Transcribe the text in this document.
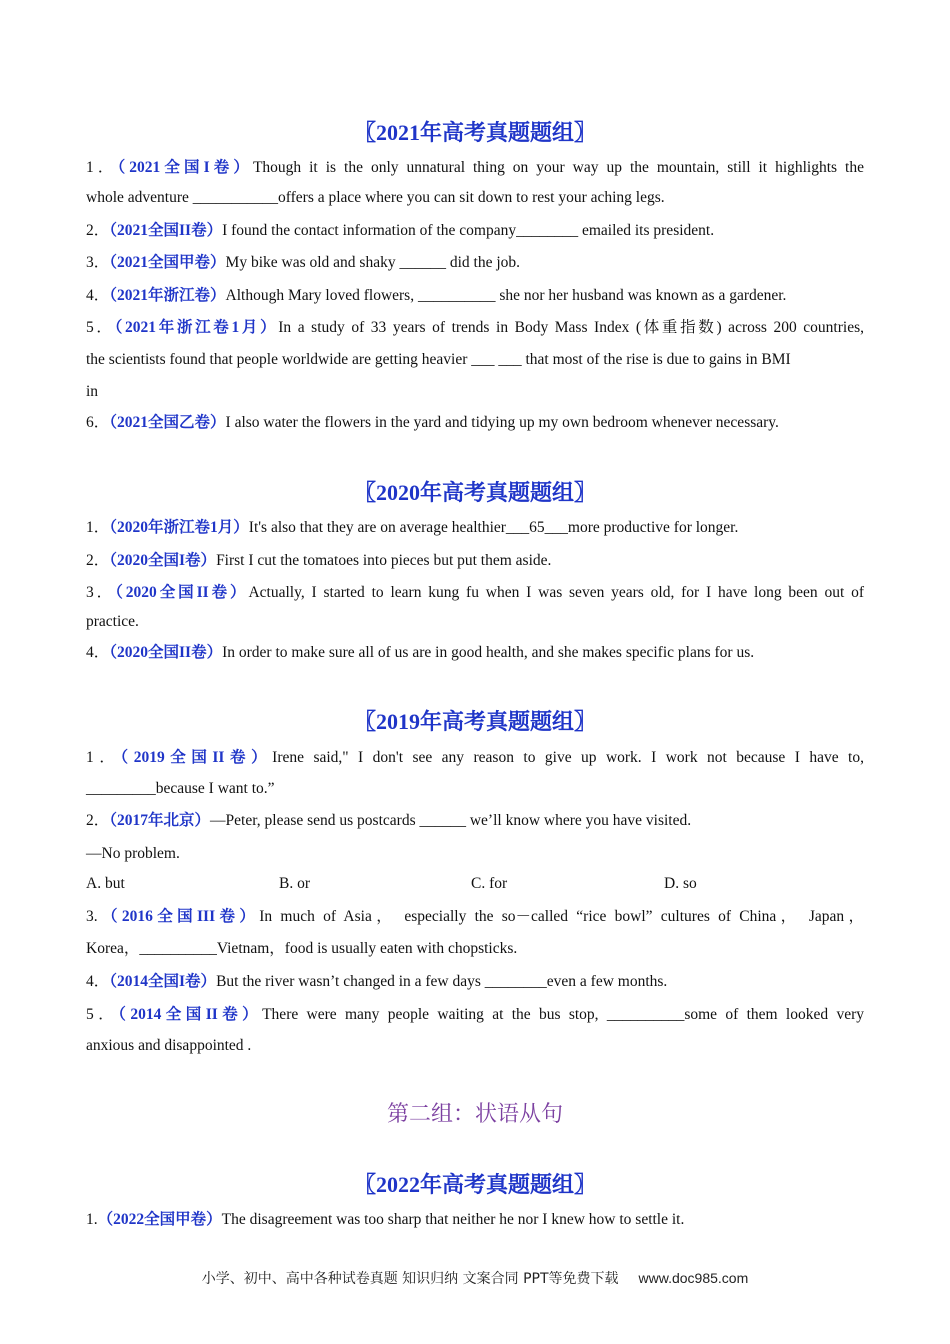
〖2021年高考真题题组〗
1．（2021全国I卷）Though it is the only unnatural thing on your way up the mountain, still it highlights the
whole adventure ___________offers a place where you can sit down to rest your aching legs.
2．（2021全国II卷）I found the contact information of the company________ emailed its president.
3．（2021全国甲卷）My bike was old and shaky ______ did the job.
4．（2021年浙江卷）Although Mary loved flowers, __________ she nor her husband was known as a gardener.
5．（2021年浙江卷1月）In a study of 33 years of trends in Body Mass Index (体重指数) across 200 countries,
the scientists found that people worldwide are getting heavier ___ ___ that most of the rise is due to gains in BMI
in
6．（2021全国乙卷）I also water the flowers in the yard and tidying up my own bedroom whenever necessary.
〖2020年高考真题题组〗
1．（2020年浙江卷1月）It's also that they are on average healthier___65___more productive for longer.
2．（2020全国I卷）First I cut the tomatoes into pieces but put them aside.
3．（2020全国II卷）Actually, I started to learn kung fu when I was seven years old, for I have long been out of
practice.
4．（2020全国II卷）In order to make sure all of us are in good health, and she makes specific plans for us.
〖2019年高考真题题组〗
1．（2019全国II卷）Irene said," I don't see any reason to give up work. I work not because I have to,
_________because I want to.”
2．（2017年北京）—Peter, please send us postcards ______ we’ll know where you have visited.
—No problem.
A. but	B. or	C. for	D. so
3.（2016全国III卷）In much of Asia， especially the so－called “rice bowl” cultures of China， Japan，
Korea，__________Vietnam，food is usually eaten with chopsticks.
4．（2014全国I卷）But the river wasn’t changed in a few days ________even a few months.
5．（2014全国II卷）There were many people waiting at the bus stop, __________some of them looked very
anxious and disappointed .
第二组：状语从句
〖2022年高考真题题组〗
1.（2022全国甲卷）The disagreement was too sharp that neither he nor I knew how to settle it.
小学、初中、高中各种试卷真题 知识归纳 文案合同 PPT等免费下载 www.doc985.com
